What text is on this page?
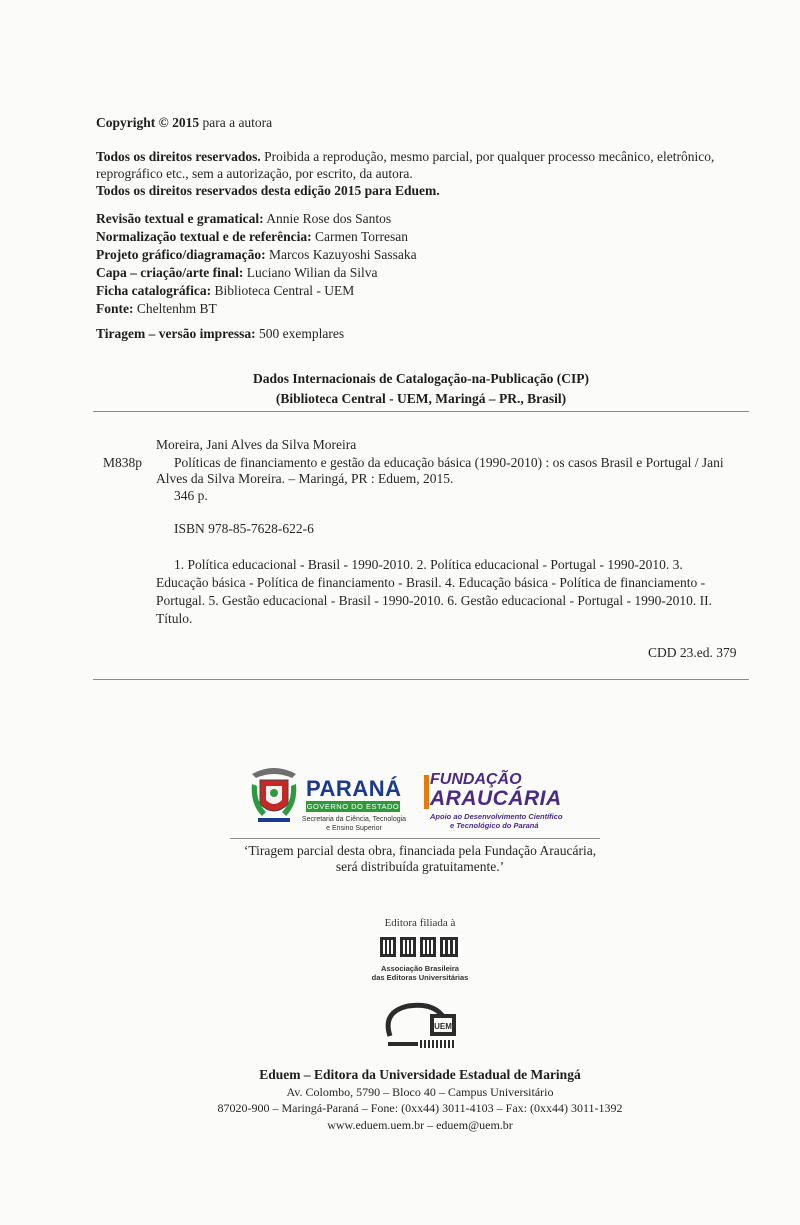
Copyright © 2015 para a autora
Todos os direitos reservados. Proibida a reprodução, mesmo parcial, por qualquer processo mecânico, eletrônico,
reprográfico etc., sem a autorização, por escrito, da autora.
Todos os direitos reservados desta edição 2015 para Eduem.
Revisão textual e gramatical: Annie Rose dos Santos
Normalização textual e de referência: Carmen Torresan
Projeto gráfico/diagramação: Marcos Kazuyoshi Sassaka
Capa – criação/arte final: Luciano Wilian da Silva
Ficha catalográfica: Biblioteca Central - UEM
Fonte: Cheltenhm BT
Tiragem – versão impressa: 500 exemplares
Dados Internacionais de Catalogação-na-Publicação (CIP)
(Biblioteca Central - UEM, Maringá – PR., Brasil)
Moreira, Jani Alves da Silva Moreira
M838p Políticas de financiamento e gestão da educação básica (1990-2010) : os casos Brasil e Portugal / Jani
Alves da Silva Moreira. – Maringá, PR : Eduem, 2015.
346 p.
ISBN 978-85-7628-622-6
1. Política educacional - Brasil - 1990-2010. 2. Política educacional - Portugal - 1990-2010. 3.
Educação básica - Política de financiamento - Brasil. 4. Educação básica - Política de financiamento -
Portugal. 5. Gestão educacional - Brasil - 1990-2010. 6. Gestão educacional - Portugal - 1990-2010. II.
Título.
CDD 23.ed. 379
PARANÁ
GOVERNO DO ESTADO
Secretaria da Ciência, Tecnologia
e Ensino Superior
FUNDAÇÃO
ARAUCÁRIA
Apoio ao Desenvolvimento Científico
e Tecnológico do Paraná
‘Tiragem parcial desta obra, financiada pela Fundação Araucária,
será distribuída gratuitamente.’
Editora filiada à
Associação Brasileira
das Editoras Universitárias
UEM
Eduem – Editora da Universidade Estadual de Maringá
Av. Colombo, 5790 – Bloco 40 – Campus Universitário
87020-900 – Maringá-Paraná – Fone: (0xx44) 3011-4103 – Fax: (0xx44) 3011-1392
www.eduem.uem.br – eduem@uem.br
